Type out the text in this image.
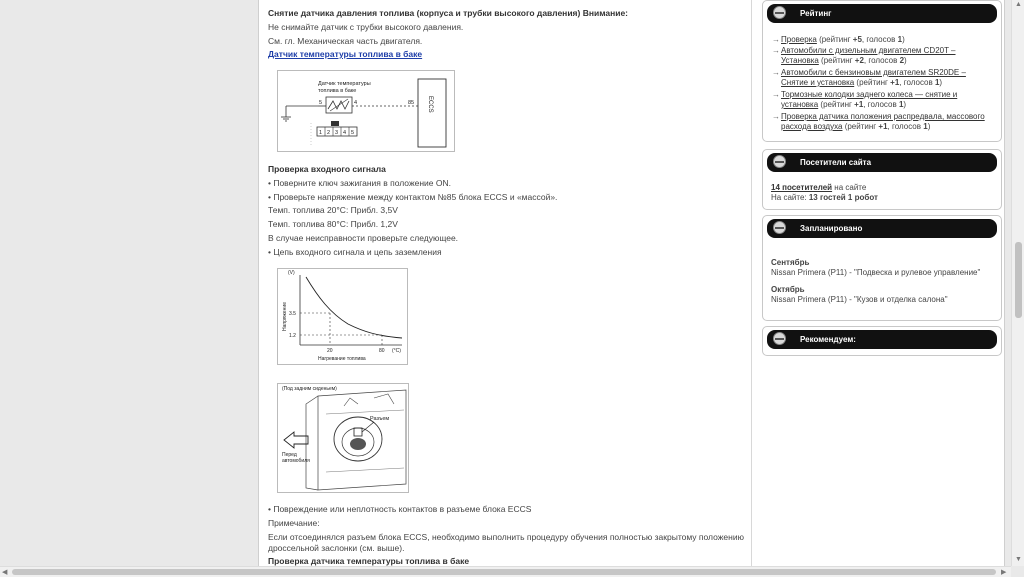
Снятие датчика давления топлива (корпуса и трубки высокого давления) Внимание:
Не снимайте датчик с трубки высокого давления.
См. гл. Механическая часть двигателя.
Датчик температуры топлива в баке
Датчик температуры
топлива в баке
5	4	85 ECCS
1 2 3 4 5
Проверка входного сигнала
• Поверните ключ зажигания в положение ON.
• Проверьте напряжение между контактом №85 блока ECCS и «массой».
Темп. топлива 20°С: Прибл. 3,5V
Темп. топлива 80°С: Прибл. 1,2V
В случае неисправности проверьте следующее.
• Цепь входного сигнала и цепь заземления
(V)
Напряжение 3.5
1.2
20	80 (°C)
Нагревание топлива
(Под задним сиденьем)
Разъем
Перед
автомобиля
• Повреждение или неплотность контактов в разъеме блока ECCS
Примечание:
Если отсоединялся разъем блока ECCS, необходимо выполнить процедуру обучения полностью закрытому положению
дроссельной заслонки (см. выше).
Проверка датчика температуры топлива в баке
Рейтинг
→ Проверка (рейтинг +5, голосов 1)
→ Автомобили с дизельным двигателем CD20T – Установка (рейтинг +2, голосов 2)
→ Автомобили с бензиновым двигателем SR20DE – Снятие и установка (рейтинг +1, голосов 1)
→ Тормозные колодки заднего колеса — снятие и установка (рейтинг +1, голосов 1)
→ Проверка датчика положения распредвала, массового расхода воздуха (рейтинг +1, голосов 1)
Посетители сайта
14 посетителей на сайте
На сайте: 13 гостей 1 робот
Запланировано
Сентябрь
Nissan Primera (P11) - "Подвеска и рулевое управление"
Октябрь
Nissan Primera (P11) - "Кузов и отделка салона"
Рекомендуем:
▲
▼
◀	▶
